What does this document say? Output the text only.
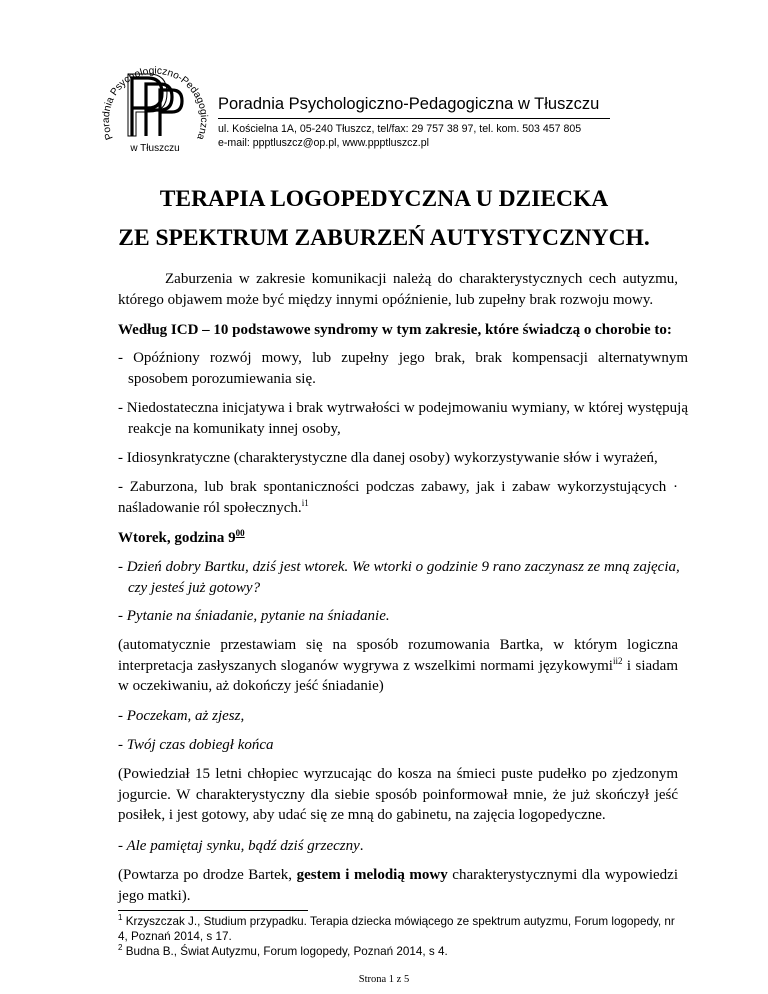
Poradnia Psychologiczno-Pedagogiczna
w Tłuszczu
Poradnia Psychologiczno-Pedagogiczna w Tłuszczu
ul. Kościelna 1A, 05-240 Tłuszcz, tel/fax: 29 757 38 97, tel. kom. 503 457 805
e-mail: ppptluszcz@op.pl, www.ppptluszcz.pl
TERAPIA LOGOPEDYCZNA U DZIECKA
ZE SPEKTRUM ZABURZEŃ AUTYSTYCZNYCH.

Zaburzenia w zakresie komunikacji należą do charakterystycznych cech autyzmu, którego objawem może być między innymi opóźnienie, lub zupełny brak rozwoju mowy.

Według ICD – 10 podstawowe syndromy w tym zakresie, które świadczą o chorobie to:

- Opóźniony rozwój mowy, lub zupełny jego brak, brak kompensacji alternatywnym sposobem porozumiewania się.

- Niedostateczna inicjatywa i brak wytrwałości w podejmowaniu wymiany, w której występują reakcje na komunikaty innej osoby,

- Idiosynkratyczne (charakterystyczne dla danej osoby) wykorzystywanie słów i wyrażeń,

- Zaburzona, lub brak spontaniczności podczas zabawy, jak i zabaw wykorzystujących · naśladowanie ról społecznych.$^{i1}$

Wtorek, godzina $9^{00}$

- Dzień dobry Bartku, dziś jest wtorek. We wtorki o godzinie 9 rano zaczynasz ze mną zajęcia, czy jesteś już gotowy?

- Pytanie na śniadanie, pytanie na śniadanie.

(automatycznie przestawiam się na sposób rozumowania Bartka, w którym logiczna interpretacja zasłyszanych sloganów wygrywa z wszelkimi normami językowymi$^{ii2}$ i siadam w oczekiwaniu, aż dokończy jeść śniadanie)

- Poczekam, aż zjesz,

- Twój czas dobiegł końca

(Powiedział 15 letni chłopiec wyrzucając do kosza na śmieci puste pudełko po zjedzonym jogurcie. W charakterystyczny dla siebie sposób poinformował mnie, że już skończył jeść posiłek, i jest gotowy, aby udać się ze mną do gabinetu, na zajęcia logopedyczne.

- Ale pamiętaj synku, bądź dziś grzeczny.

(Powtarza po drodze Bartek, gestem i melodią mowy charakterystycznymi dla wypowiedzi jego matki).

$^1$ Krzyszczak J., Studium przypadku. Terapia dziecka mówiącego ze spektrum autyzmu, Forum logopedy, nr 4, Poznań 2014, s 17.

$^2$ Budna B., Świat Autyzmu, Forum logopedy, Poznań 2014, s 4.

Strona 1 z 5
